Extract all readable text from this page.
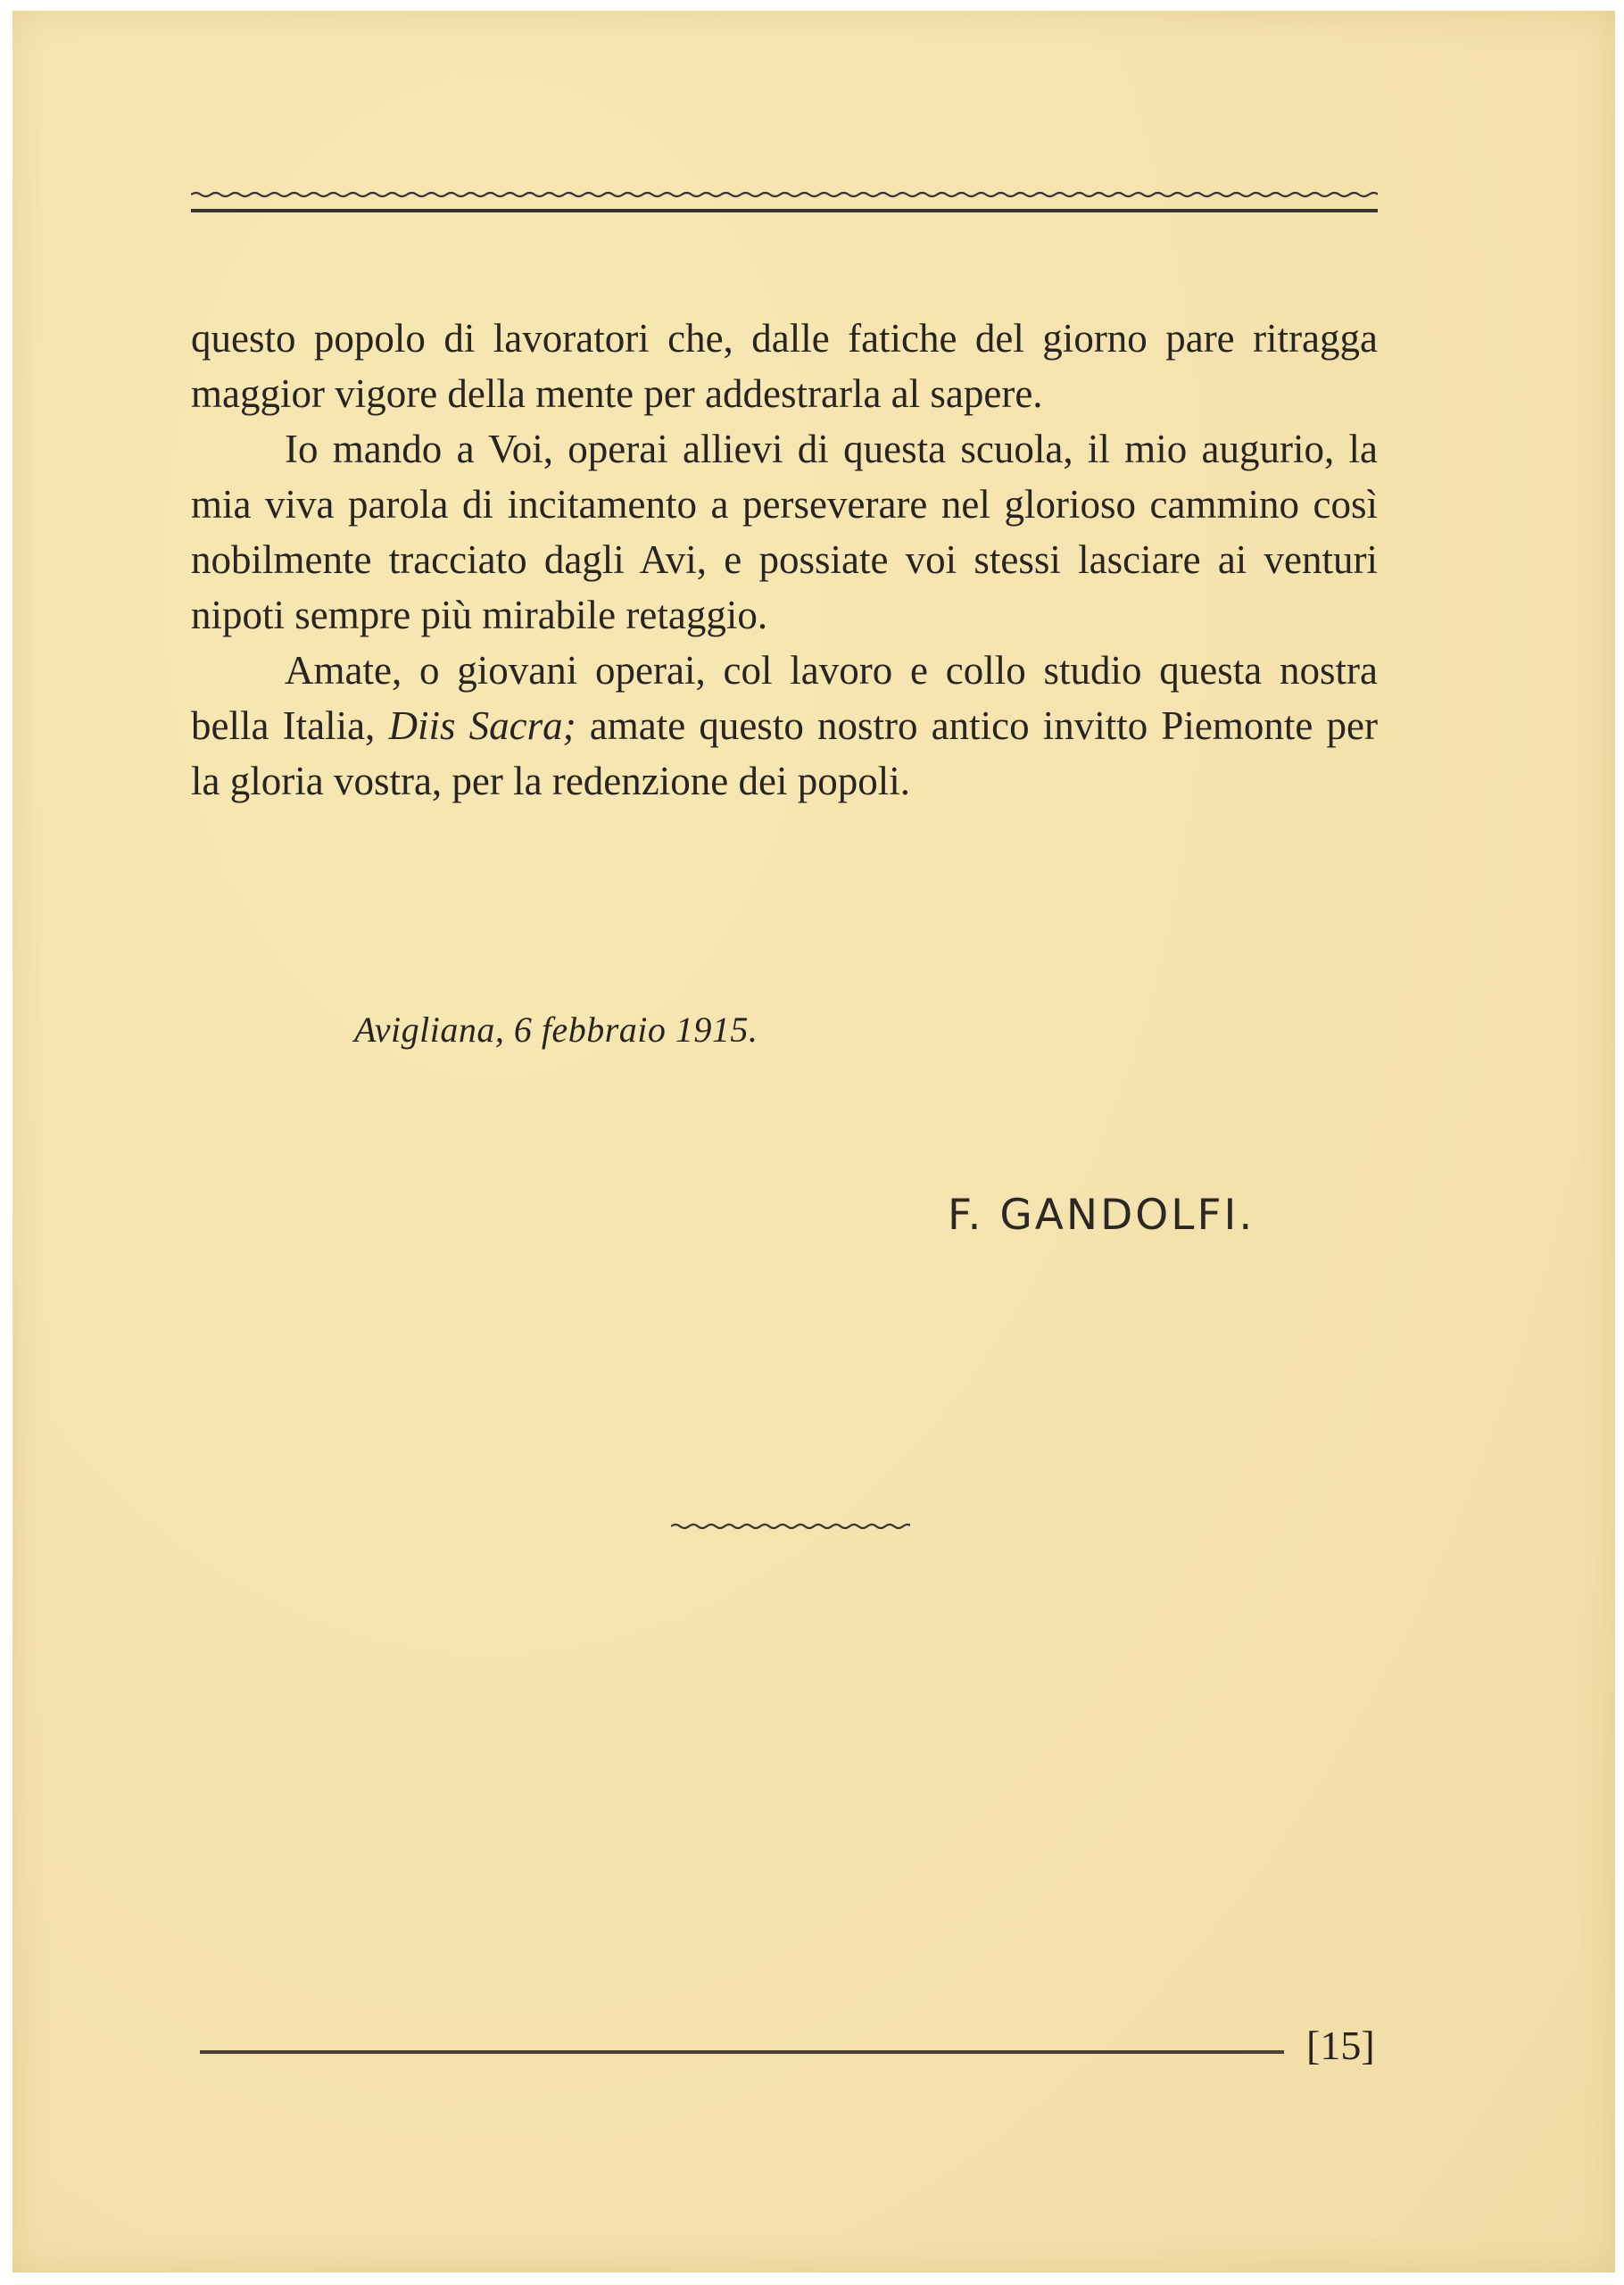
questo popolo di lavoratori che, dalle fatiche del giorno pare ritragga maggior vigore della mente per addestrarla al sapere.

Io mando a Voi, operai allievi di questa scuola, il mio augurio, la mia viva parola di incitamento a perseverare nel glorioso cammino così nobilmente tracciato dagli Avi, e possiate voi stessi lasciare ai venturi nipoti sempre più mirabile retaggio.

Amate, o giovani operai, col lavoro e collo studio questa nostra bella Italia, Diis Sacra; amate questo nostro antico invitto Piemonte per la gloria vostra, per la redenzione dei popoli.

Avigliana, 6 febbraio 1915.
F. GANDOLFI.
[15]
